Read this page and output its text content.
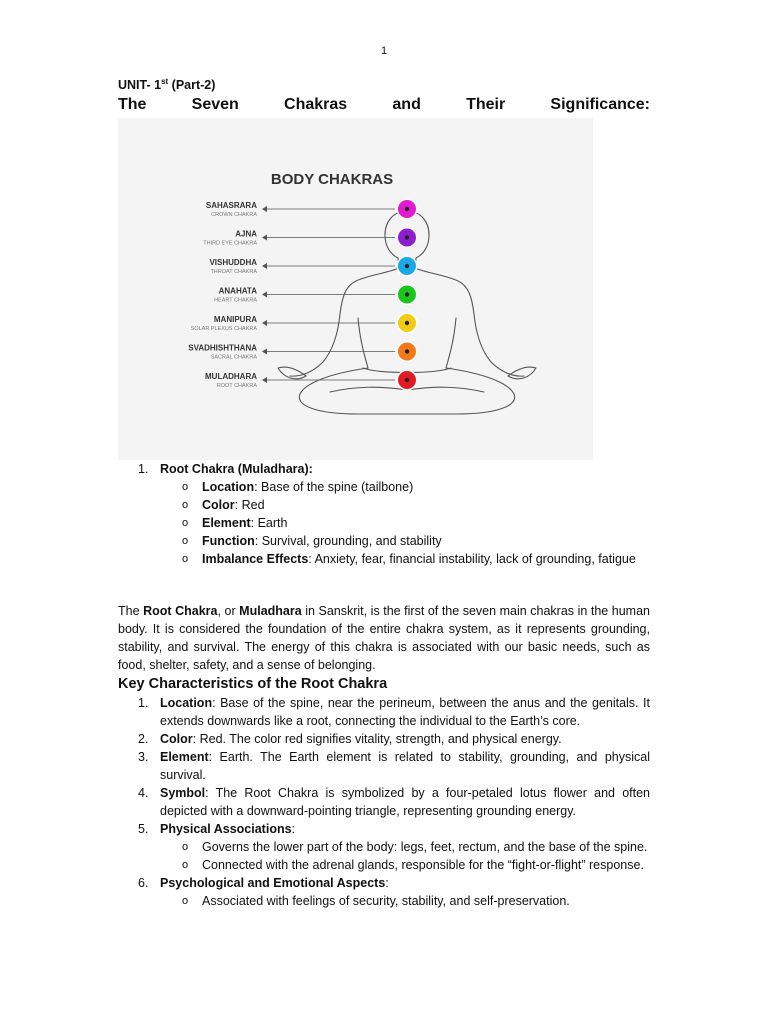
1
UNIT- 1st (Part-2)
The	Seven	Chakras	and	Their	Significance:
BODY CHAKRAS
SAHASRARA
CROWN CHAKRA
AJNA
THIRD EYE CHAKRA
VISHUDDHA
THROAT CHAKRA
ANAHATA
HEART CHAKRA
MANIPURA
SOLAR PLEXUS CHAKRA
SVADHISHTHANA
SACRAL CHAKRA
MULADHARA
ROOT CHAKRA
1. Root Chakra (Muladhara):
o Location: Base of the spine (tailbone)
o Color: Red
o Element: Earth
o Function: Survival, grounding, and stability
o Imbalance Effects: Anxiety, fear, financial instability, lack of grounding, fatigue
The Root Chakra, or Muladhara in Sanskrit, is the first of the seven main chakras in the human body. It is considered the foundation of the entire chakra system, as it represents grounding, stability, and survival. The energy of this chakra is associated with our basic needs, such as food, shelter, safety, and a sense of belonging.
Key Characteristics of the Root Chakra
1. Location: Base of the spine, near the perineum, between the anus and the genitals. It extends downwards like a root, connecting the individual to the Earth’s core.
2. Color: Red. The color red signifies vitality, strength, and physical energy.
3. Element: Earth. The Earth element is related to stability, grounding, and physical survival.
4. Symbol: The Root Chakra is symbolized by a four-petaled lotus flower and often depicted with a downward-pointing triangle, representing grounding energy.
5. Physical Associations:
o Governs the lower part of the body: legs, feet, rectum, and the base of the spine.
o Connected with the adrenal glands, responsible for the “fight-or-flight” response.
6. Psychological and Emotional Aspects:
o Associated with feelings of security, stability, and self-preservation.
